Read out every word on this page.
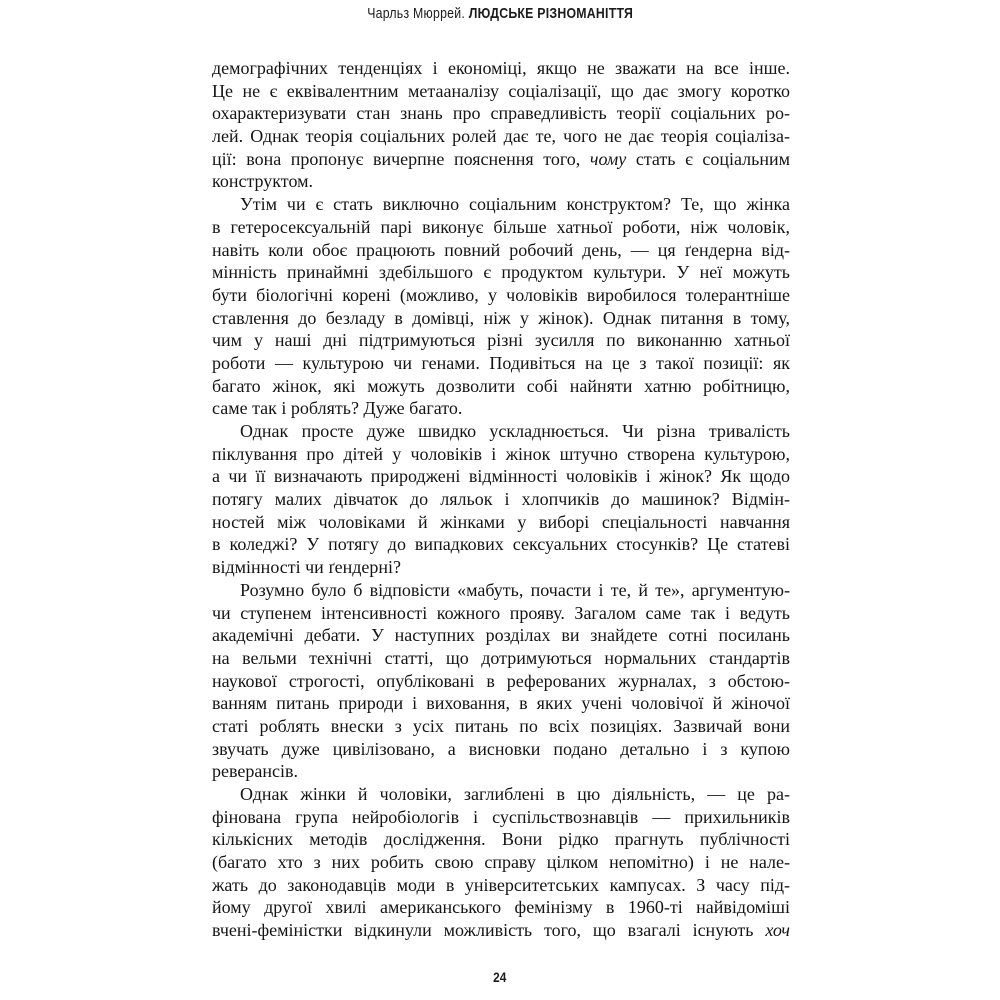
Чарльз Мюррей. ЛЮДСЬКЕ РІЗНОМАНІТТЯ
демографічних тенденціях і економіці, якщо не зважати на все інше.
Це не є еквівалентним метааналізу соціалізації, що дає змогу коротко
охарактеризувати стан знань про справедливість теорії соціальних ро-
лей. Однак теорія соціальних ролей дає те, чого не дає теорія соціаліза-
ції: вона пропонує вичерпне пояснення того, чому стать є соціальним
конструктом.
Утім чи є стать виключно соціальним конструктом? Те, що жінка
в гетеросексуальній парі виконує більше хатньої роботи, ніж чоловік,
навіть коли обоє працюють повний робочий день, — ця ґендерна від-
мінність принаймні здебільшого є продуктом культури. У неї можуть
бути біологічні корені (можливо, у чоловіків виробилося толерантніше
ставлення до безладу в домівці, ніж у жінок). Однак питання в тому,
чим у наші дні підтримуються різні зусилля по виконанню хатньої
роботи — культурою чи генами. Подивіться на це з такої позиції: як
багато жінок, які можуть дозволити собі найняти хатню робітницю,
саме так і роблять? Дуже багато.
Однак просте дуже швидко ускладнюється. Чи різна тривалість
піклування про дітей у чоловіків і жінок штучно створена культурою,
а чи її визначають природжені відмінності чоловіків і жінок? Як щодо
потягу малих дівчаток до ляльок і хлопчиків до машинок? Відмін-
ностей між чоловіками й жінками у виборі спеціальності навчання
в коледжі? У потягу до випадкових сексуальних стосунків? Це статеві
відмінності чи ґендерні?
Розумно було б відповісти «мабуть, почасти і те, й те», аргументую-
чи ступенем інтенсивності кожного прояву. Загалом саме так і ведуть
академічні дебати. У наступних розділах ви знайдете сотні посилань
на вельми технічні статті, що дотримуються нормальних стандартів
наукової строгості, опубліковані в реферованих журналах, з обстою-
ванням питань природи і виховання, в яких учені чоловічої й жіночої
статі роблять внески з усіх питань по всіх позиціях. Зазвичай вони
звучать дуже цивілізовано, а висновки подано детально і з купою
реверансів.
Однак жінки й чоловіки, заглиблені в цю діяльність, — це ра-
фінована група нейробіологів і суспільствознавців — прихильників
кількісних методів дослідження. Вони рідко прагнуть публічності
(багато хто з них робить свою справу цілком непомітно) і не нале-
жать до законодавців моди в університетських кампусах. З часу під-
йому другої хвилі американського фемінізму в 1960-ті найвідоміші
вчені-феміністки відкинули можливість того, що взагалі існують хоч
24
